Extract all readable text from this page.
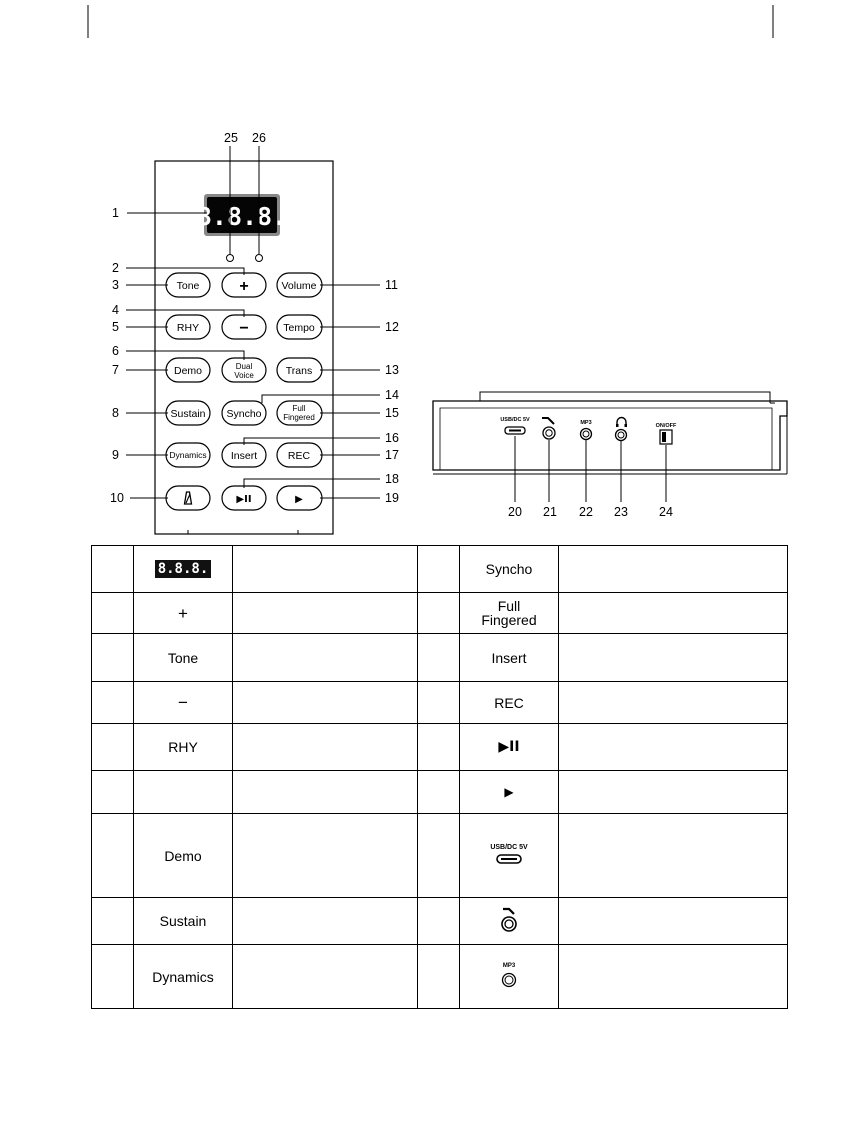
8.8.8.
Tone +	Volume
RHY	−	Tempo
Demo	Dual
Voice	Trans
Sustain Syncho	Full
Fingered
Dynamics Insert	REC
▶II	▶
25 26
1
2
3
4
5
6
7
8
9
10
11
12
13
14
15
16
17
18
19
USB/DC 5V	MP3	ON/OFF
20 21 22 23 24
	8.8.8.			Syncho	
	+			Full
Fingered	
	Tone			Insert	
	−			REC	
	RHY			▶II	
				▶	
	Demo			USB/DC 5V	

	Sustain				
	Dynamics			MP3	
